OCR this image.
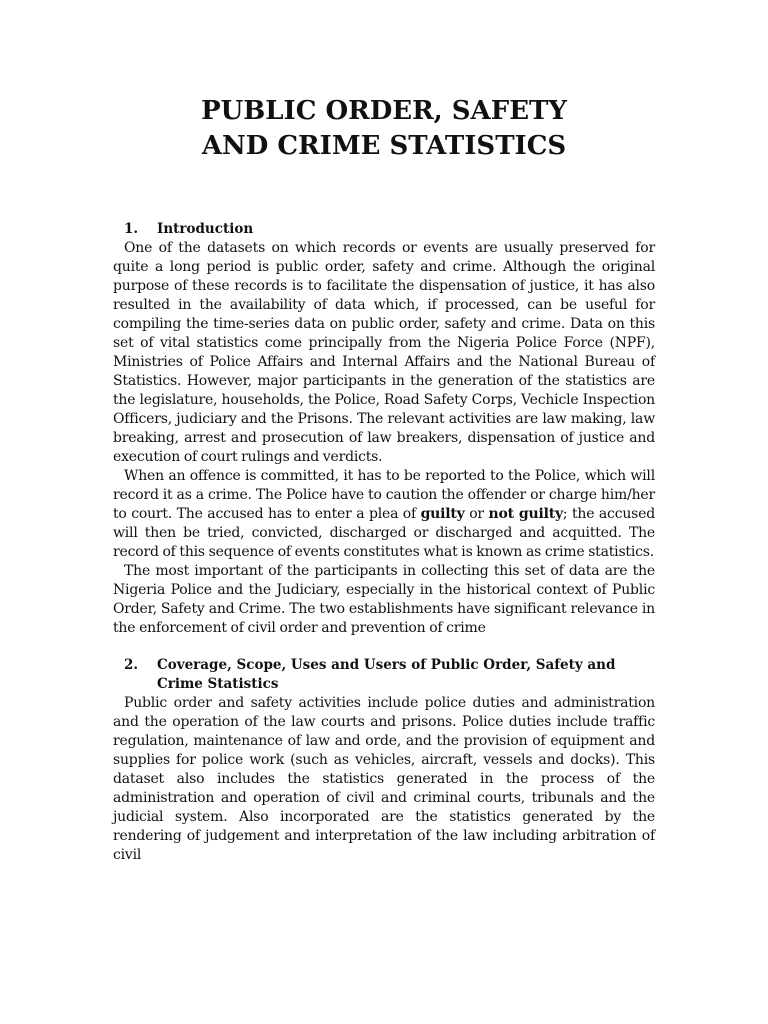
PUBLIC ORDER, SAFETY
AND CRIME STATISTICS
1.	Introduction

One of the datasets on which records or events are usually preserved for quite a long period is public order, safety and crime. Although the original purpose of these records is to facilitate the dispensation of justice, it has also resulted in the availability of data which, if processed, can be useful for compiling the time-series data on public order, safety and crime. Data on this set of vital statistics come principally from the Nigeria Police Force (NPF), Ministries of Police Affairs and Internal Affairs and the National Bureau of Statistics. However, major participants in the generation of the statistics are the legislature, households, the Police, Road Safety Corps, Vechicle Inspection Officers, judiciary and the Prisons. The relevant activities are law making, law breaking, arrest and prosecution of law breakers, dispensation of justice and execution of court rulings and verdicts.

When an offence is committed, it has to be reported to the Police, which will record it as a crime. The Police have to caution the offender or charge him/her to court. The accused has to enter a plea of guilty or not guilty; the accused will then be tried, convicted, discharged or discharged and acquitted. The record of this sequence of events constitutes what is known as crime statistics.

The most important of the participants in collecting this set of data are the Nigeria Police and the Judiciary, especially in the historical context of Public Order, Safety and Crime. The two establishments have significant relevance in the enforcement of civil order and prevention of crime

2.	Coverage, Scope, Uses and Users of Public Order, Safety and Crime Statistics

Public order and safety activities include police duties and administration and the operation of the law courts and prisons. Police duties include traffic regulation, maintenance of law and orde, and the provision of equipment and supplies for police work (such as vehicles, aircraft, vessels and docks). This dataset also includes the statistics generated in the process of the administration and operation of civil and criminal courts, tribunals and the judicial system. Also incorporated are the statistics generated by the rendering of judgement and interpretation of the law including arbitration of civil
